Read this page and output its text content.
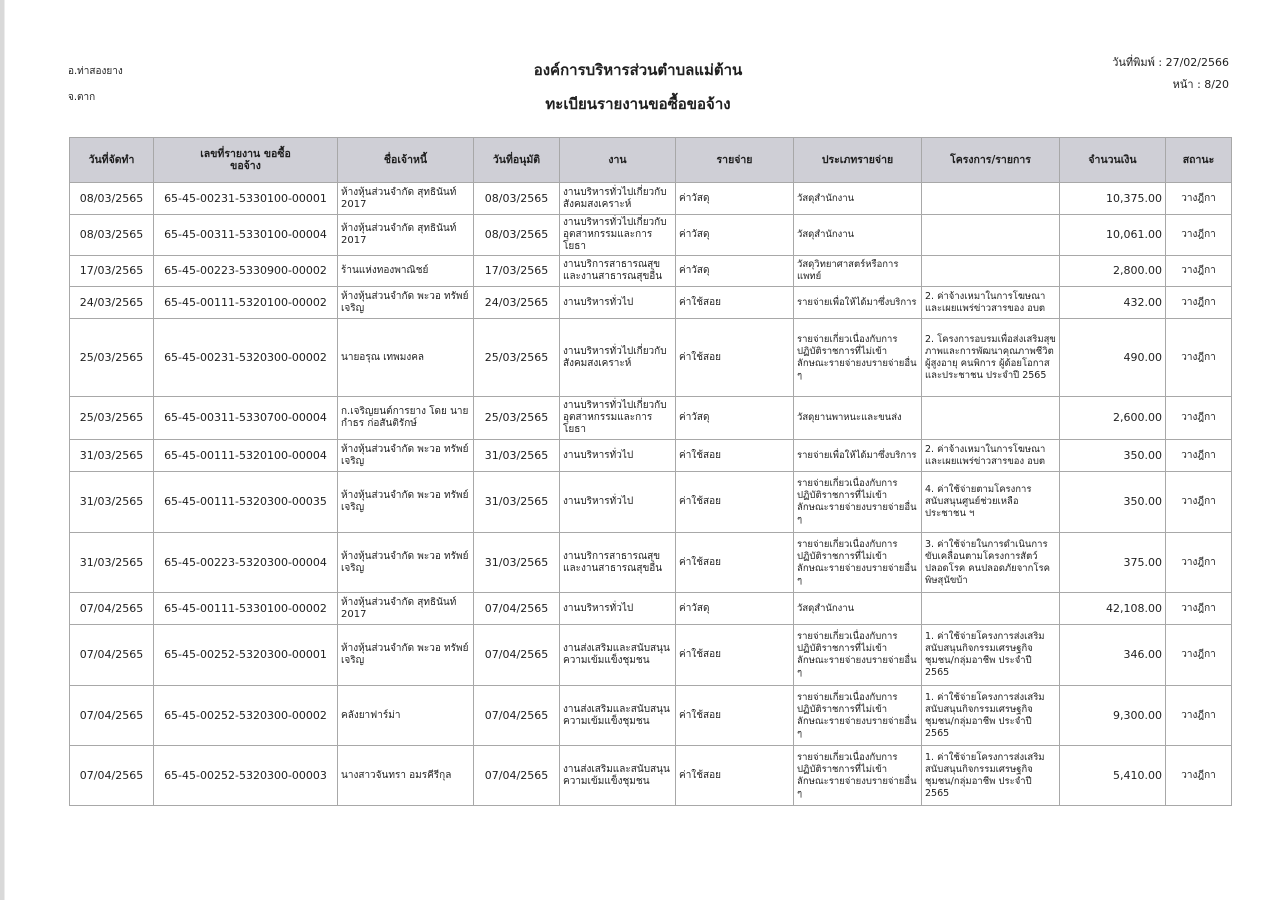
อ.ท่าสองยาง
จ.ตาก
องค์การบริหารส่วนตำบลแม่ต้าน
ทะเบียนรายงานขอซื้อขอจ้าง
วันที่พิมพ์ : 27/02/2566
หน้า : 8/20
วันที่จัดทำ	เลขที่รายงาน ขอซื้อขอจ้าง	ชื่อเจ้าหนี้	วันที่อนุมัติ	งาน	รายจ่าย	ประเภทรายจ่าย	โครงการ/รายการ	จำนวนเงิน	สถานะ
08/03/2565	65-45-00231-5330100-00001	ห้างหุ้นส่วนจำกัด สุทธินันท์ 2017	08/03/2565	งานบริหารทั่วไปเกี่ยวกับสังคมสงเคราะห์	ค่าวัสดุ	วัสดุสำนักงาน		10,375.00	วางฎีกา
08/03/2565	65-45-00311-5330100-00004	ห้างหุ้นส่วนจำกัด สุทธินันท์ 2017	08/03/2565	งานบริหารทั่วไปเกี่ยวกับอุตสาหกรรมและการโยธา	ค่าวัสดุ	วัสดุสำนักงาน		10,061.00	วางฎีกา
17/03/2565	65-45-00223-5330900-00002	ร้านแห่งทองพาณิชย์	17/03/2565	งานบริการสาธารณสุขและงานสาธารณสุขอื่น	ค่าวัสดุ	วัสดุวิทยาศาสตร์หรือการแพทย์		2,800.00	วางฎีกา
24/03/2565	65-45-00111-5320100-00002	ห้างหุ้นส่วนจำกัด พะวอ ทรัพย์เจริญ	24/03/2565	งานบริหารทั่วไป	ค่าใช้สอย	รายจ่ายเพื่อให้ได้มาซึ่งบริการ	2. ค่าจ้างเหมาในการโฆษณาและเผยแพร่ข่าวสารของ อบต	432.00	วางฎีกา
25/03/2565	65-45-00231-5320300-00002	นายอรุณ เทพมงคล	25/03/2565	งานบริหารทั่วไปเกี่ยวกับสังคมสงเคราะห์	ค่าใช้สอย	รายจ่ายเกี่ยวเนื่องกับการปฏิบัติราชการที่ไม่เข้าลักษณะรายจ่ายงบรายจ่ายอื่น ๆ	2. โครงการอบรมเพื่อส่งเสริมสุขภาพและการพัฒนาคุณภาพชีวิตผู้สูงอายุ คนพิการ ผู้ด้อยโอกาส และประชาชน ประจำปี 2565	490.00	วางฎีกา
25/03/2565	65-45-00311-5330700-00004	ก.เจริญยนต์การยาง โดย นายกำธร ก่อสันติรักษ์	25/03/2565	งานบริหารทั่วไปเกี่ยวกับอุตสาหกรรมและการโยธา	ค่าวัสดุ	วัสดุยานพาหนะและขนส่ง		2,600.00	วางฎีกา
31/03/2565	65-45-00111-5320100-00004	ห้างหุ้นส่วนจำกัด พะวอ ทรัพย์เจริญ	31/03/2565	งานบริหารทั่วไป	ค่าใช้สอย	รายจ่ายเพื่อให้ได้มาซึ่งบริการ	2. ค่าจ้างเหมาในการโฆษณาและเผยแพร่ข่าวสารของ อบต	350.00	วางฎีกา
31/03/2565	65-45-00111-5320300-00035	ห้างหุ้นส่วนจำกัด พะวอ ทรัพย์เจริญ	31/03/2565	งานบริหารทั่วไป	ค่าใช้สอย	รายจ่ายเกี่ยวเนื่องกับการปฏิบัติราชการที่ไม่เข้าลักษณะรายจ่ายงบรายจ่ายอื่น ๆ	4. ค่าใช้จ่ายตามโครงการสนับสนุนศูนย์ช่วยเหลือประชาชน ฯ	350.00	วางฎีกา
31/03/2565	65-45-00223-5320300-00004	ห้างหุ้นส่วนจำกัด พะวอ ทรัพย์เจริญ	31/03/2565	งานบริการสาธารณสุขและงานสาธารณสุขอื่น	ค่าใช้สอย	รายจ่ายเกี่ยวเนื่องกับการปฏิบัติราชการที่ไม่เข้าลักษณะรายจ่ายงบรายจ่ายอื่น ๆ	3. ค่าใช้จ่ายในการดำเนินการขับเคลื่อนตามโครงการสัตว์ปลอดโรค คนปลอดภัยจากโรคพิษสุนัขบ้า	375.00	วางฎีกา
07/04/2565	65-45-00111-5330100-00002	ห้างหุ้นส่วนจำกัด สุทธินันท์ 2017	07/04/2565	งานบริหารทั่วไป	ค่าวัสดุ	วัสดุสำนักงาน		42,108.00	วางฎีกา
07/04/2565	65-45-00252-5320300-00001	ห้างหุ้นส่วนจำกัด พะวอ ทรัพย์เจริญ	07/04/2565	งานส่งเสริมและสนับสนุนความเข้มแข็งชุมชน	ค่าใช้สอย	รายจ่ายเกี่ยวเนื่องกับการปฏิบัติราชการที่ไม่เข้าลักษณะรายจ่ายงบรายจ่ายอื่น ๆ	1. ค่าใช้จ่ายโครงการส่งเสริมสนับสนุนกิจกรรมเศรษฐกิจชุมชน/กลุ่มอาชีพ ประจำปี 2565	346.00	วางฎีกา
07/04/2565	65-45-00252-5320300-00002	คลังยาฟาร์ม่า	07/04/2565	งานส่งเสริมและสนับสนุนความเข้มแข็งชุมชน	ค่าใช้สอย	รายจ่ายเกี่ยวเนื่องกับการปฏิบัติราชการที่ไม่เข้าลักษณะรายจ่ายงบรายจ่ายอื่น ๆ	1. ค่าใช้จ่ายโครงการส่งเสริมสนับสนุนกิจกรรมเศรษฐกิจชุมชน/กลุ่มอาชีพ ประจำปี 2565	9,300.00	วางฎีกา
07/04/2565	65-45-00252-5320300-00003	นางสาวจันทรา อมรคีรีกุล	07/04/2565	งานส่งเสริมและสนับสนุนความเข้มแข็งชุมชน	ค่าใช้สอย	รายจ่ายเกี่ยวเนื่องกับการปฏิบัติราชการที่ไม่เข้าลักษณะรายจ่ายงบรายจ่ายอื่น ๆ	1. ค่าใช้จ่ายโครงการส่งเสริมสนับสนุนกิจกรรมเศรษฐกิจชุมชน/กลุ่มอาชีพ ประจำปี 2565	5,410.00	วางฎีกา
